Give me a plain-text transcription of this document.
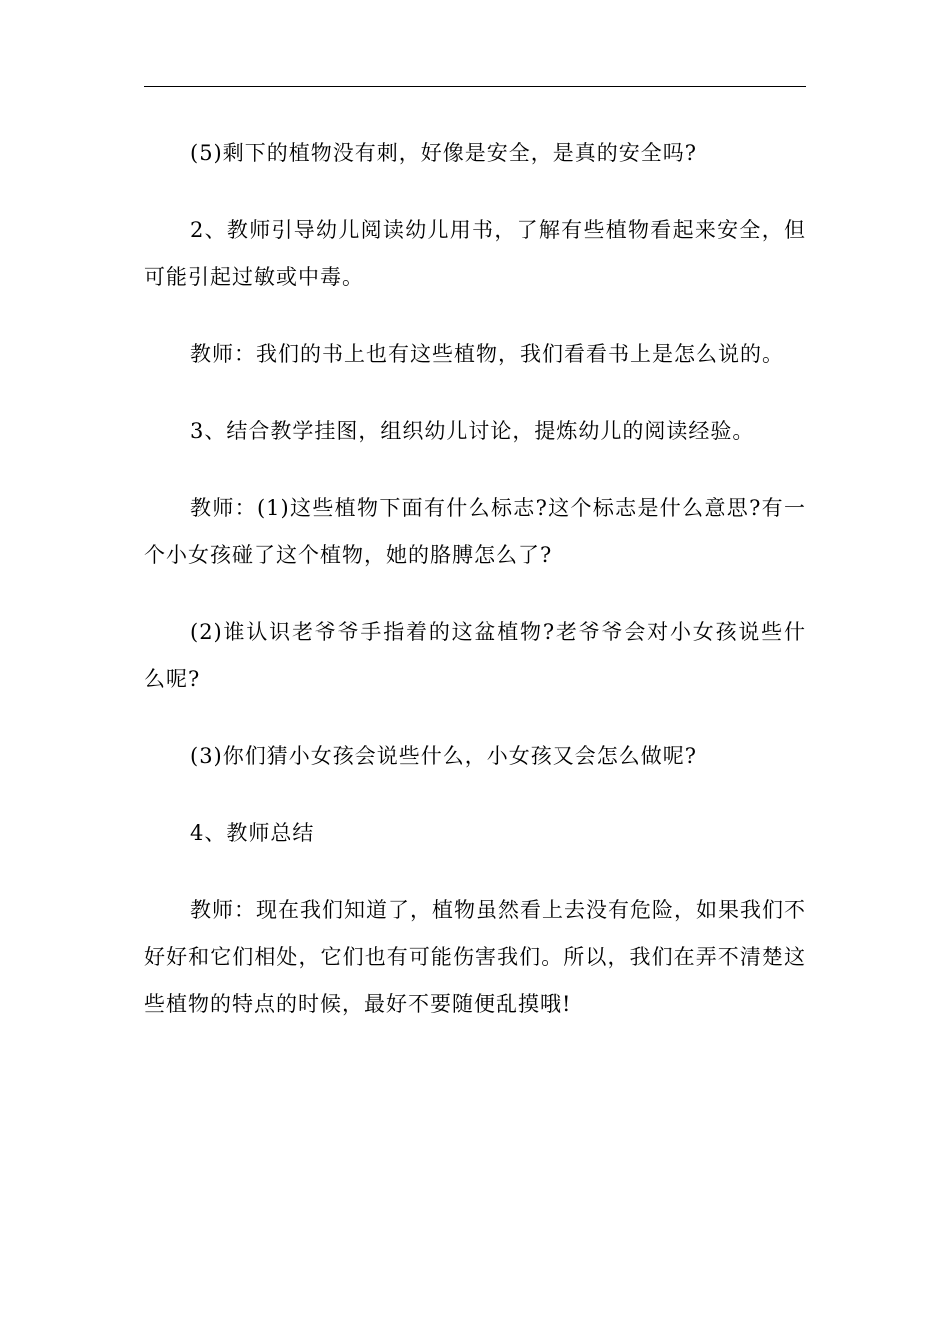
(5)剩下的植物没有刺，好像是安全，是真的安全吗?

2、教师引导幼儿阅读幼儿用书，了解有些植物看起来安全，但可能引起过敏或中毒。

教师：我们的书上也有这些植物，我们看看书上是怎么说的。

3、结合教学挂图，组织幼儿讨论，提炼幼儿的阅读经验。

教师：(1)这些植物下面有什么标志?这个标志是什么意思?有一个小女孩碰了这个植物，她的胳膊怎么了?

(2)谁认识老爷爷手指着的这盆植物?老爷爷会对小女孩说些什么呢?

(3)你们猜小女孩会说些什么，小女孩又会怎么做呢?

4、教师总结

教师：现在我们知道了，植物虽然看上去没有危险，如果我们不好好和它们相处，它们也有可能伤害我们。所以，我们在弄不清楚这些植物的特点的时候，最好不要随便乱摸哦!
